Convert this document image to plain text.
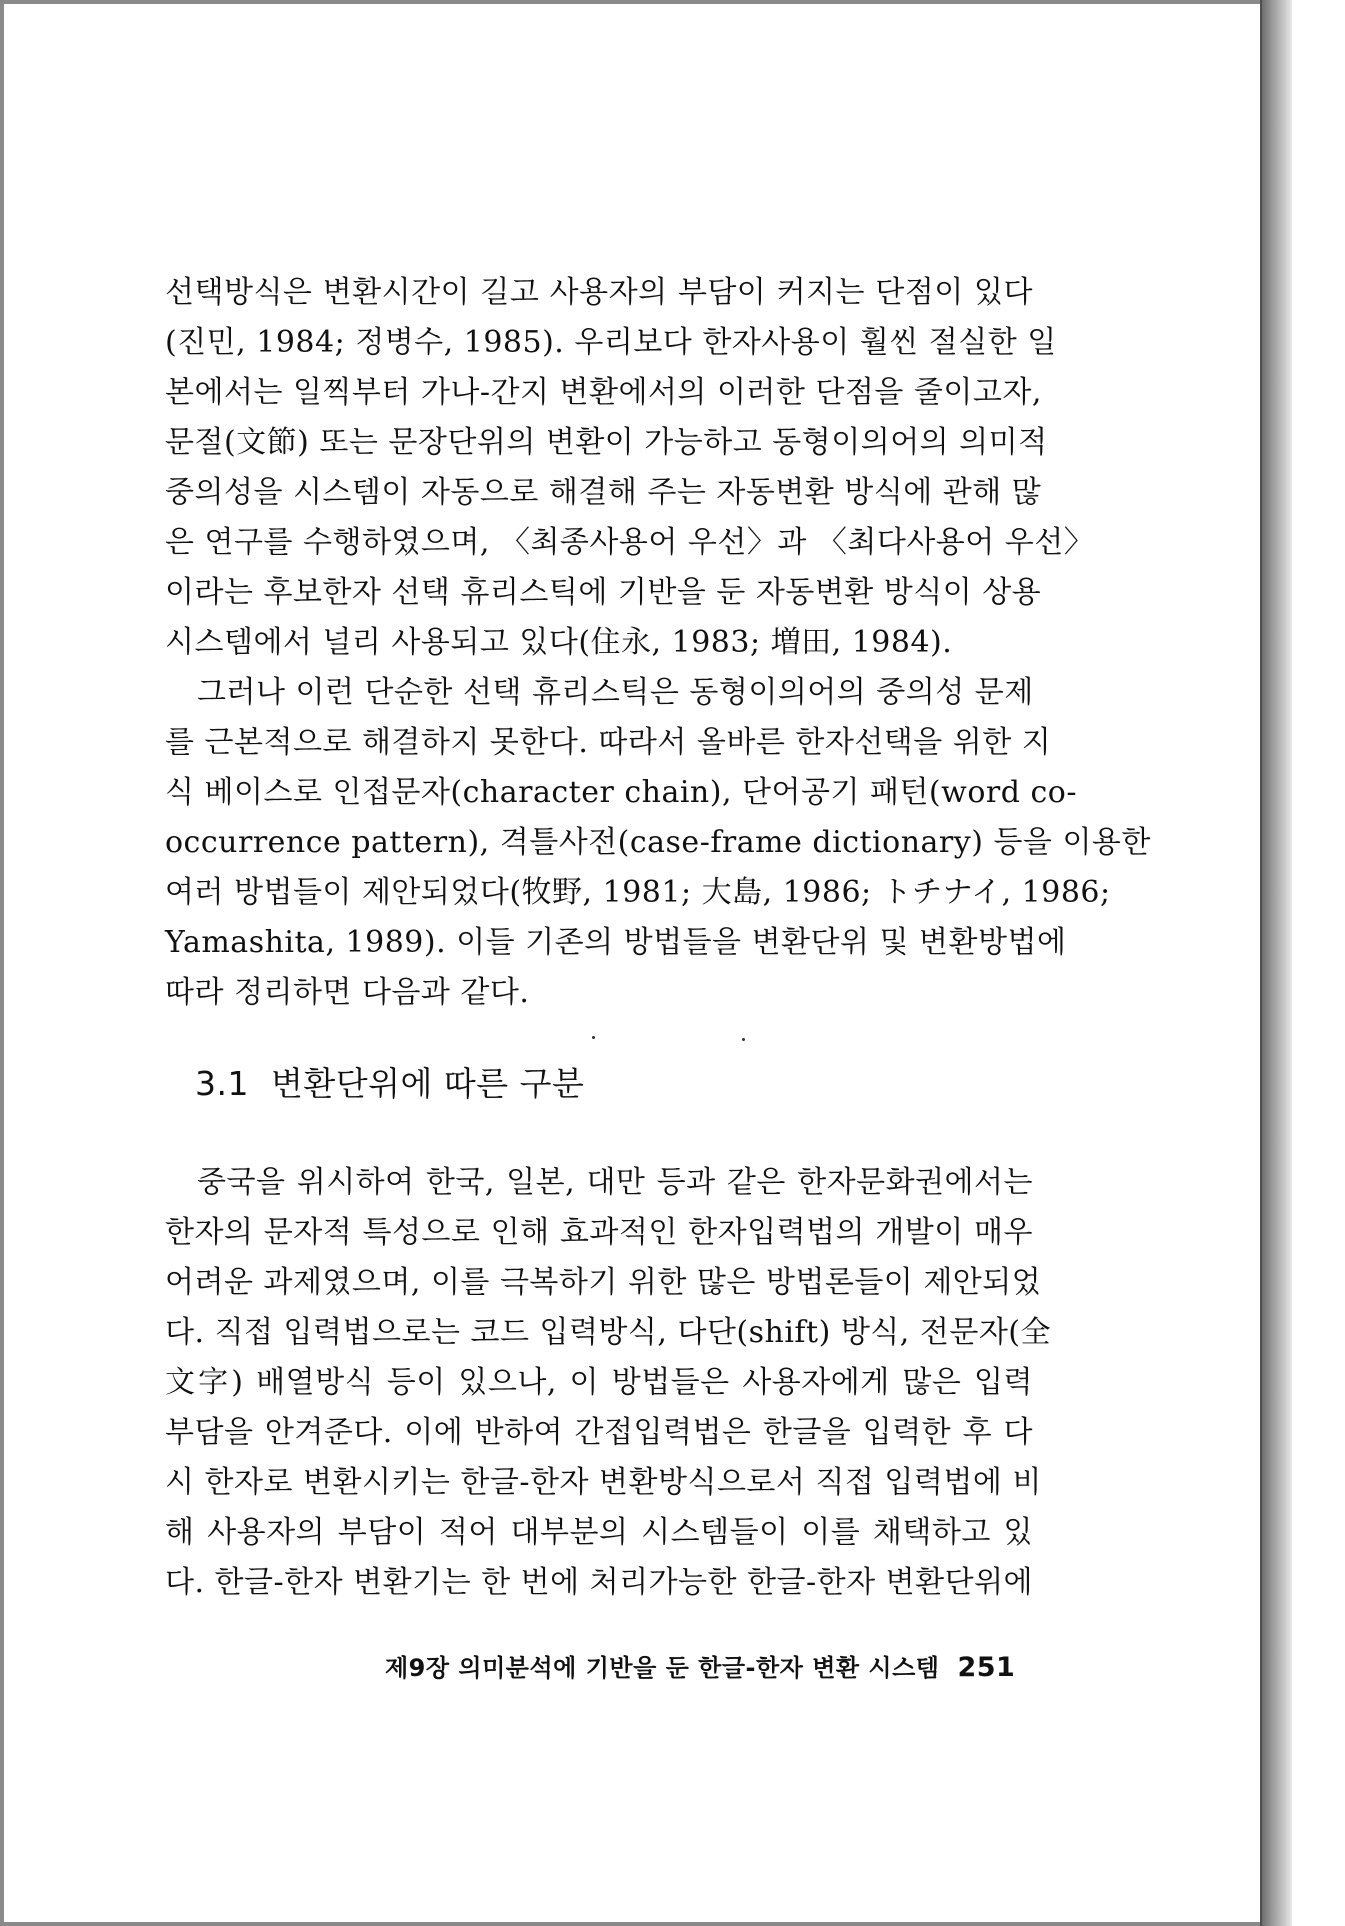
선택방식은 변환시간이 길고 사용자의 부담이 커지는 단점이 있다
(진민, 1984; 정병수, 1985). 우리보다 한자사용이 훨씬 절실한 일
본에서는 일찍부터 가나-간지 변환에서의 이러한 단점을 줄이고자,
문절(文節) 또는 문장단위의 변환이 가능하고 동형이의어의 의미적
중의성을 시스템이 자동으로 해결해 주는 자동변환 방식에 관해 많
은 연구를 수행하였으며, 〈최종사용어 우선〉과 〈최다사용어 우선〉
이라는 후보한자 선택 휴리스틱에 기반을 둔 자동변환 방식이 상용
시스템에서 널리 사용되고 있다(住永, 1983; 増田, 1984).
그러나 이런 단순한 선택 휴리스틱은 동형이의어의 중의성 문제
를 근본적으로 해결하지 못한다. 따라서 올바른 한자선택을 위한 지
식 베이스로 인접문자(character chain), 단어공기 패턴(word co-
occurrence pattern), 격틀사전(case-frame dictionary) 등을 이용한
여러 방법들이 제안되었다(牧野, 1981; 大島, 1986; トチナイ, 1986;
Yamashita, 1989). 이들 기존의 방법들을 변환단위 및 변환방법에
따라 정리하면 다음과 같다.
3.1 변환단위에 따른 구분
중국을 위시하여 한국, 일본, 대만 등과 같은 한자문화권에서는
한자의 문자적 특성으로 인해 효과적인 한자입력법의 개발이 매우
어려운 과제였으며, 이를 극복하기 위한 많은 방법론들이 제안되었
다. 직접 입력법으로는 코드 입력방식, 다단(shift) 방식, 전문자(全
文字) 배열방식 등이 있으나, 이 방법들은 사용자에게 많은 입력
부담을 안겨준다. 이에 반하여 간접입력법은 한글을 입력한 후 다
시 한자로 변환시키는 한글-한자 변환방식으로서 직접 입력법에 비
해 사용자의 부담이 적어 대부분의 시스템들이 이를 채택하고 있
다. 한글-한자 변환기는 한 번에 처리가능한 한글-한자 변환단위에
제9장 의미분석에 기반을 둔 한글-한자 변환 시스템 251
